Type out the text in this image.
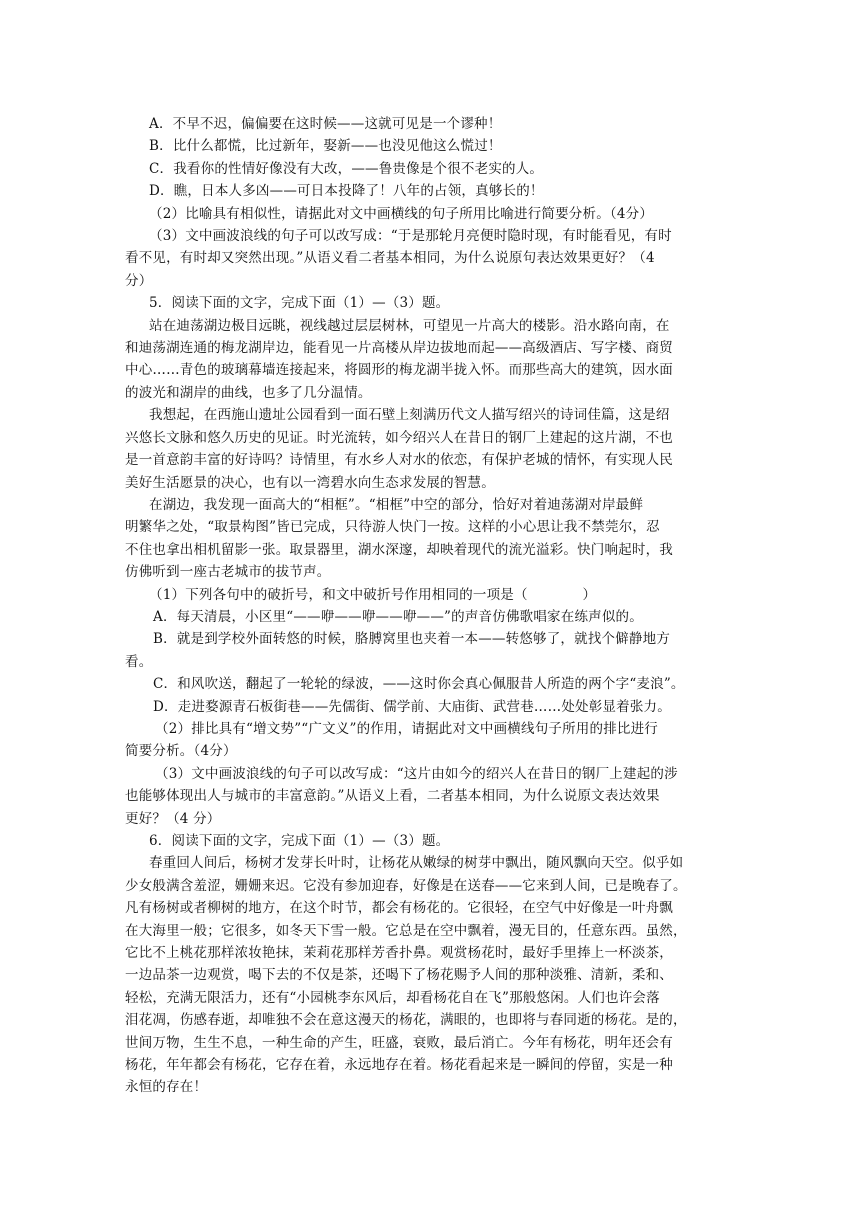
A．不早不迟，偏偏要在这时候——这就可见是一个谬种！
B．比什么都慌，比过新年，娶新——也没见他这么慌过！
C．我看你的性情好像没有大改，——鲁贵像是个很不老实的人。
D．瞧，日本人多凶——可日本投降了！八年的占领，真够长的！
（2）比喻具有相似性，请据此对文中画横线的句子所用比喻进行简要分析。（4分）
（3）文中画波浪线的句子可以改写成：“于是那轮月亮便时隐时现，有时能看见，有时
看不见，有时却又突然出现。”从语义看二者基本相同，为什么说原句表达效果更好？（4
分）
5．阅读下面的文字，完成下面（1）—（3）题。
站在迪荡湖边极目远眺，视线越过层层树林，可望见一片高大的楼影。沿水路向南，在
和迪荡湖连通的梅龙湖岸边，能看见一片高楼从岸边拔地而起——高级酒店、写字楼、商贸
中心……青色的玻璃幕墙连接起来，将圆形的梅龙湖半拢入怀。而那些高大的建筑，因水面
的波光和湖岸的曲线，也多了几分温情。
我想起，在西施山遗址公园看到一面石壁上刻满历代文人描写绍兴的诗词佳篇，这是绍
兴悠长文脉和悠久历史的见证。时光流转，如今绍兴人在昔日的钢厂上建起的这片湖，不也
是一首意韵丰富的好诗吗？诗情里，有水乡人对水的依恋，有保护老城的情怀，有实现人民
美好生活愿景的决心，也有以一湾碧水向生态求发展的智慧。
在湖边，我发现一面高大的“相框”。“相框”中空的部分，恰好对着迪荡湖对岸最鲜
明繁华之处，“取景构图”皆已完成，只待游人快门一按。这样的小心思让我不禁莞尔，忍
不住也拿出相机留影一张。取景器里，湖水深邃，却映着现代的流光溢彩。快门响起时，我
仿佛听到一座古老城市的拔节声。
（1）下列各句中的破折号，和文中破折号作用相同的一项是（　　　　）
A．每天清晨，小区里“——咿——咿——咿——”的声音仿佛歌唱家在练声似的。
B．就是到学校外面转悠的时候，胳膊窝里也夹着一本——转悠够了，就找个僻静地方
看。
C．和风吹送，翻起了一轮轮的绿波，——这时你会真心佩服昔人所造的两个字“麦浪”。
D．走进婺源青石板街巷——先儒街、儒学前、大庙街、武营巷……处处彰显着张力。
（2）排比具有“增文势”“广文义”的作用，请据此对文中画横线句子所用的排比进行
简要分析。（4分）
（3）文中画波浪线的句子可以改写成：“这片由如今的绍兴人在昔日的钢厂上建起的涉
也能够体现出人与城市的丰富意韵。”从语义上看，二者基本相同，为什么说原文表达效果
更好？（4 分）
6．阅读下面的文字，完成下面（1）—（3）题。
春重回人间后，杨树才发芽长叶时，让杨花从嫩绿的树芽中飘出，随风飘向天空。似乎如
少女般满含羞涩，姗姗来迟。它没有参加迎春，好像是在送春——它来到人间，已是晚春了。
凡有杨树或者柳树的地方，在这个时节，都会有杨花的。它很轻，在空气中好像是一叶舟飘
在大海里一般；它很多，如冬天下雪一般。它总是在空中飘着，漫无目的，任意东西。虽然，
它比不上桃花那样浓妆艳抹，茉莉花那样芳香扑鼻。观赏杨花时，最好手里捧上一杯淡茶，
一边品茶一边观赏，喝下去的不仅是茶，还喝下了杨花赐予人间的那种淡雅、清新，柔和、
轻松，充满无限活力，还有“小园桃李东风后，却看杨花自在飞”那般悠闲。人们也许会落
泪花凋，伤感春逝，却唯独不会在意这漫天的杨花，满眼的，也即将与春同逝的杨花。是的，
世间万物，生生不息，一种生命的产生，旺盛，衰败，最后消亡。今年有杨花，明年还会有
杨花，年年都会有杨花，它存在着，永远地存在着。杨花看起来是一瞬间的停留，实是一种
永恒的存在！
